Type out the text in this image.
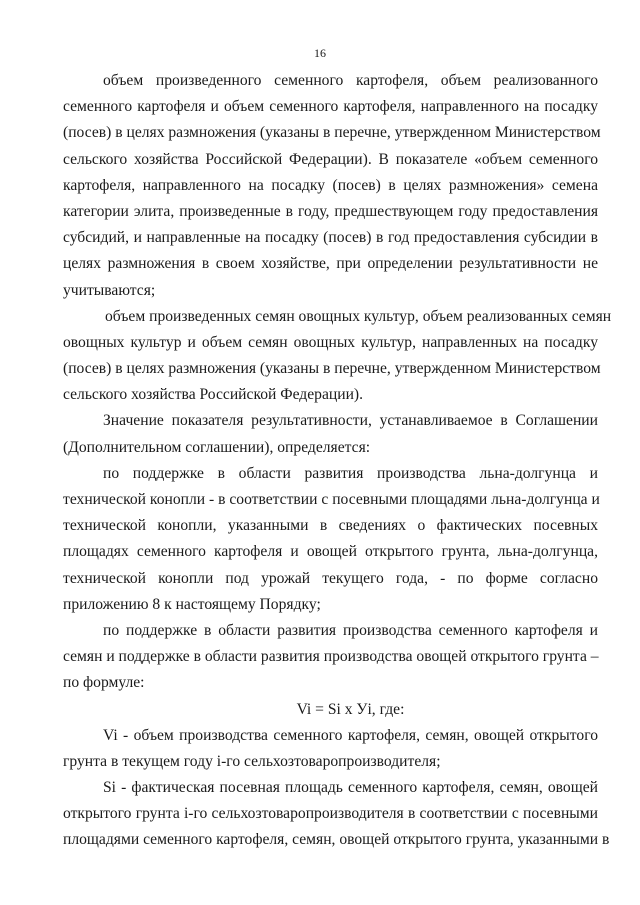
16
объем произведенного семенного картофеля, объем реализованного
семенного картофеля и объем семенного картофеля, направленного на посадку
(посев) в целях размножения (указаны в перечне, утвержденном Министерством
сельского хозяйства Российской Федерации). В показателе «объем семенного
картофеля, направленного на посадку (посев) в целях размножения» семена
категории элита, произведенные в году, предшествующем году предоставления
субсидий, и направленные на посадку (посев) в год предоставления субсидии в
целях размножения в своем хозяйстве, при определении результативности не
учитываются;
объем произведенных семян овощных культур, объем реализованных семян
овощных культур и объем семян овощных культур, направленных на посадку
(посев) в целях размножения (указаны в перечне, утвержденном Министерством
сельского хозяйства Российской Федерации).
Значение показателя результативности, устанавливаемое в Соглашении
(Дополнительном соглашении), определяется:
по поддержке в области развития производства льна-долгунца и
технической конопли - в соответствии с посевными площадями льна-долгунца и
технической конопли, указанными в сведениях о фактических посевных
площадях семенного картофеля и овощей открытого грунта, льна-долгунца,
технической конопли под урожай текущего года, - по форме согласно
приложению 8 к настоящему Порядку;
по поддержке в области развития производства семенного картофеля и
семян и поддержке в области развития производства овощей открытого грунта –
по формуле:
Vi = Si x Уi, где:
Vi - объем производства семенного картофеля, семян, овощей открытого
грунта в текущем году i-го сельхозтоваропроизводителя;
Si - фактическая посевная площадь семенного картофеля, семян, овощей
открытого грунта i-го сельхозтоваропроизводителя в соответствии с посевными
площадями семенного картофеля, семян, овощей открытого грунта, указанными в
